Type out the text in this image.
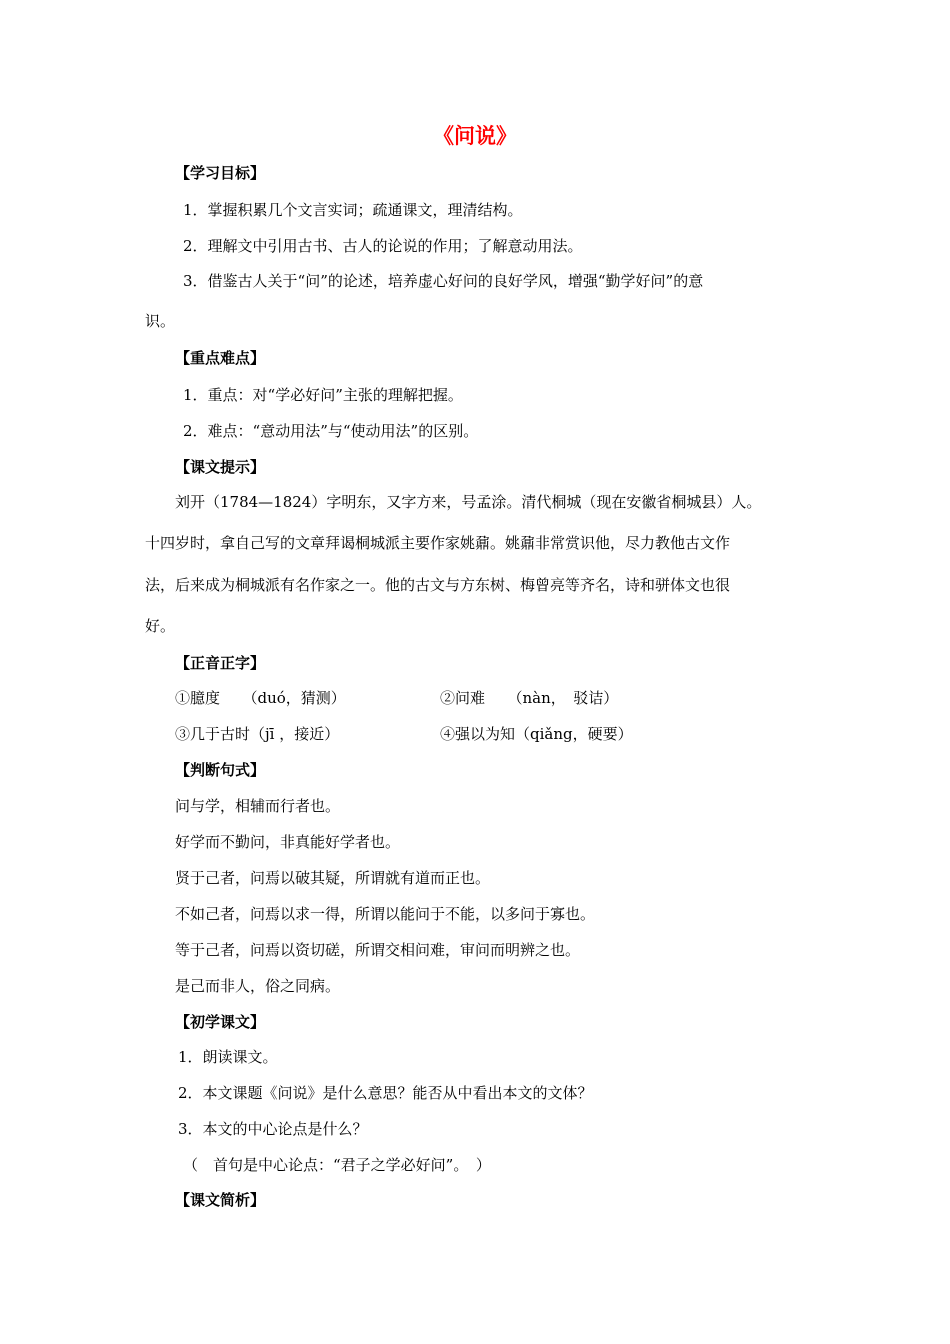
《问说》
【学习目标】
1．掌握积累几个文言实词；疏通课文，理清结构。
2．理解文中引用古书、古人的论说的作用；了解意动用法。
3．借鉴古人关于“问”的论述，培养虚心好问的良好学风，增强“勤学好问”的意
识。
【重点难点】
1．重点：对“学必好问”主张的理解把握。
2．难点：“意动用法”与“使动用法”的区别。
【课文提示】
刘开（1784—1824）字明东，又字方来，号孟涂。清代桐城（现在安徽省桐城县）人。
十四岁时，拿自己写的文章拜谒桐城派主要作家姚鼐。姚鼐非常赏识他，尽力教他古文作
法，后来成为桐城派有名作家之一。他的古文与方东树、梅曾亮等齐名，诗和骈体文也很
好。
【正音正字】
①臆度　　（duó，猜测）	②问难　　（nàn，　驳诘）
③几于古时（jī ，接近）	④强以为知（qiǎng，硬要）
【判断句式】
问与学，相辅而行者也。
好学而不勤问，非真能好学者也。
贤于己者，问焉以破其疑，所谓就有道而正也。
不如己者，问焉以求一得，所谓以能问于不能，以多问于寡也。
等于己者，问焉以资切磋，所谓交相问难，审问而明辨之也。
是己而非人，俗之同病。
【初学课文】
1．朗读课文。
2．本文课题《问说》是什么意思？能否从中看出本文的文体？
3．本文的中心论点是什么？
（　首句是中心论点：“君子之学必好问”。　）
【课文简析】
